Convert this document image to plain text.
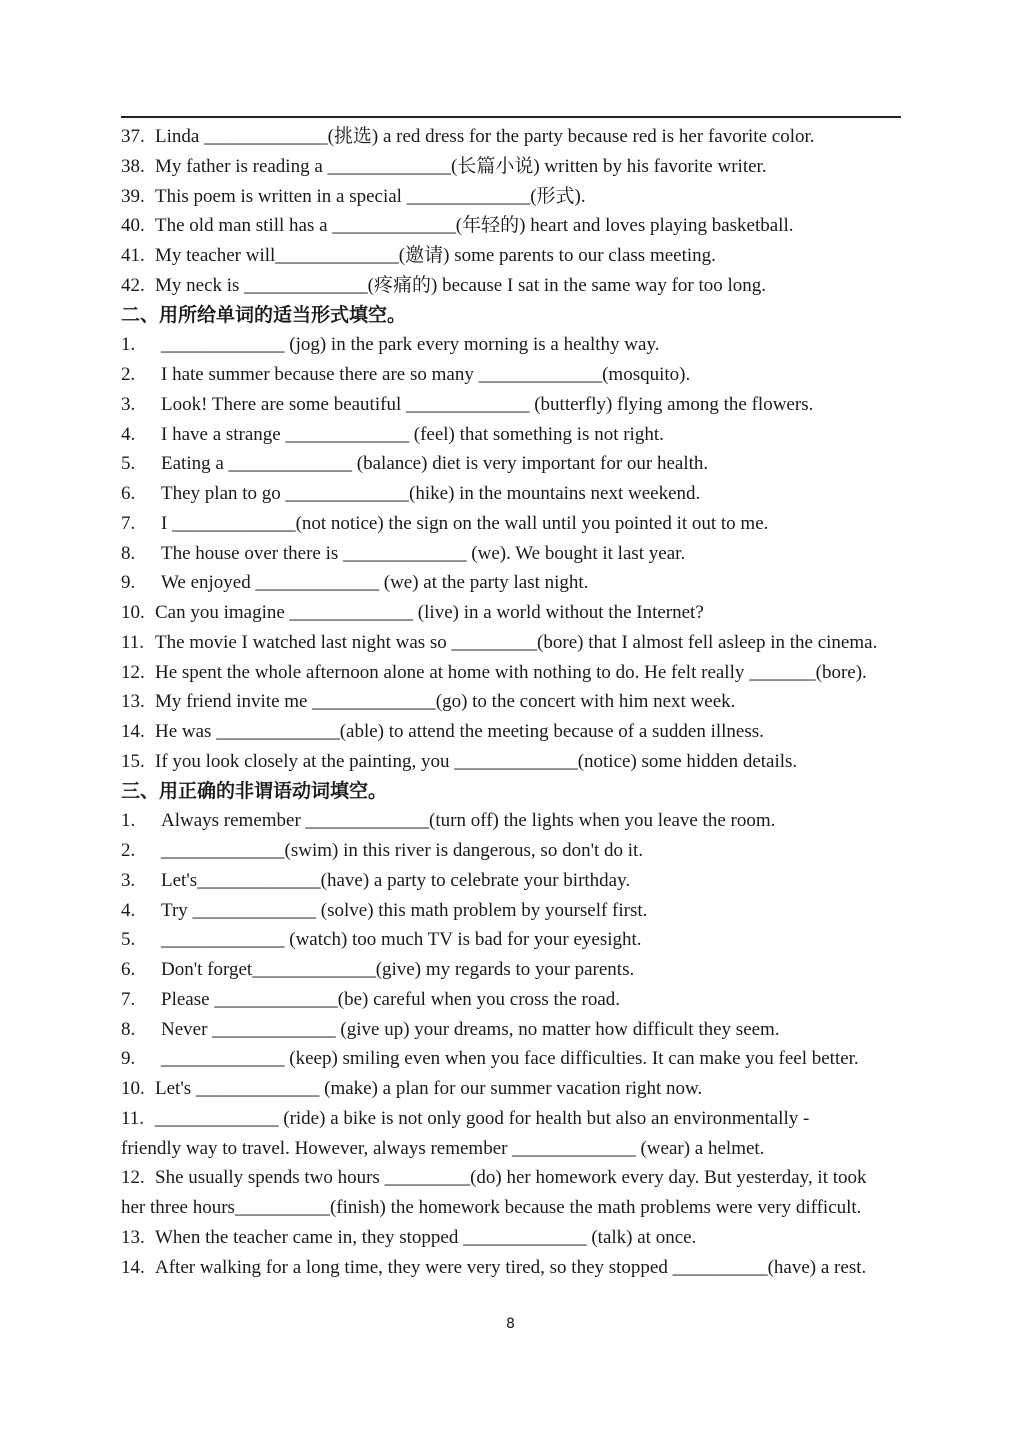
37. Linda _____________(挑选) a red dress for the party because red is her favorite color.
38. My father is reading a _____________(长篇小说) written by his favorite writer.
39. This poem is written in a special _____________(形式).
40. The old man still has a _____________(年轻的) heart and loves playing basketball.
41. My teacher will_____________(邀请) some parents to our class meeting.
42. My neck is _____________(疼痛的) because I sat in the same way for too long.
二、用所给单词的适当形式填空。
1. _____________ (jog) in the park every morning is a healthy way.
2. I hate summer because there are so many _____________(mosquito).
3. Look! There are some beautiful _____________ (butterfly) flying among the flowers.
4. I have a strange _____________ (feel) that something is not right.
5. Eating a _____________ (balance) diet is very important for our health.
6. They plan to go _____________(hike) in the mountains next weekend.
7. I _____________(not notice) the sign on the wall until you pointed it out to me.
8. The house over there is _____________ (we). We bought it last year.
9. We enjoyed _____________ (we) at the party last night.
10. Can you imagine _____________ (live) in a world without the Internet?
11. The movie I watched last night was so _________(bore) that I almost fell asleep in the cinema.
12. He spent the whole afternoon alone at home with nothing to do. He felt really _______(bore).
13. My friend invite me _____________(go) to the concert with him next week.
14. He was _____________(able) to attend the meeting because of a sudden illness.
15. If you look closely at the painting, you _____________(notice) some hidden details.
三、用正确的非谓语动词填空。
1. Always remember _____________(turn off) the lights when you leave the room.
2. _____________(swim) in this river is dangerous, so don't do it.
3. Let's_____________(have) a party to celebrate your birthday.
4. Try _____________ (solve) this math problem by yourself first.
5. _____________ (watch) too much TV is bad for your eyesight.
6. Don't forget_____________(give) my regards to your parents.
7. Please _____________(be) careful when you cross the road.
8. Never _____________ (give up) your dreams, no matter how difficult they seem.
9. _____________ (keep) smiling even when you face difficulties. It can make you feel better.
10. Let's _____________ (make) a plan for our summer vacation right now.
11. _____________ (ride) a bike is not only good for health but also an environmentally -
friendly way to travel. However, always remember _____________ (wear) a helmet.
12. She usually spends two hours _________(do) her homework every day. But yesterday, it took
her three hours__________(finish) the homework because the math problems were very difficult.
13. When the teacher came in, they stopped _____________ (talk) at once.
14. After walking for a long time, they were very tired, so they stopped __________(have) a rest.
8
